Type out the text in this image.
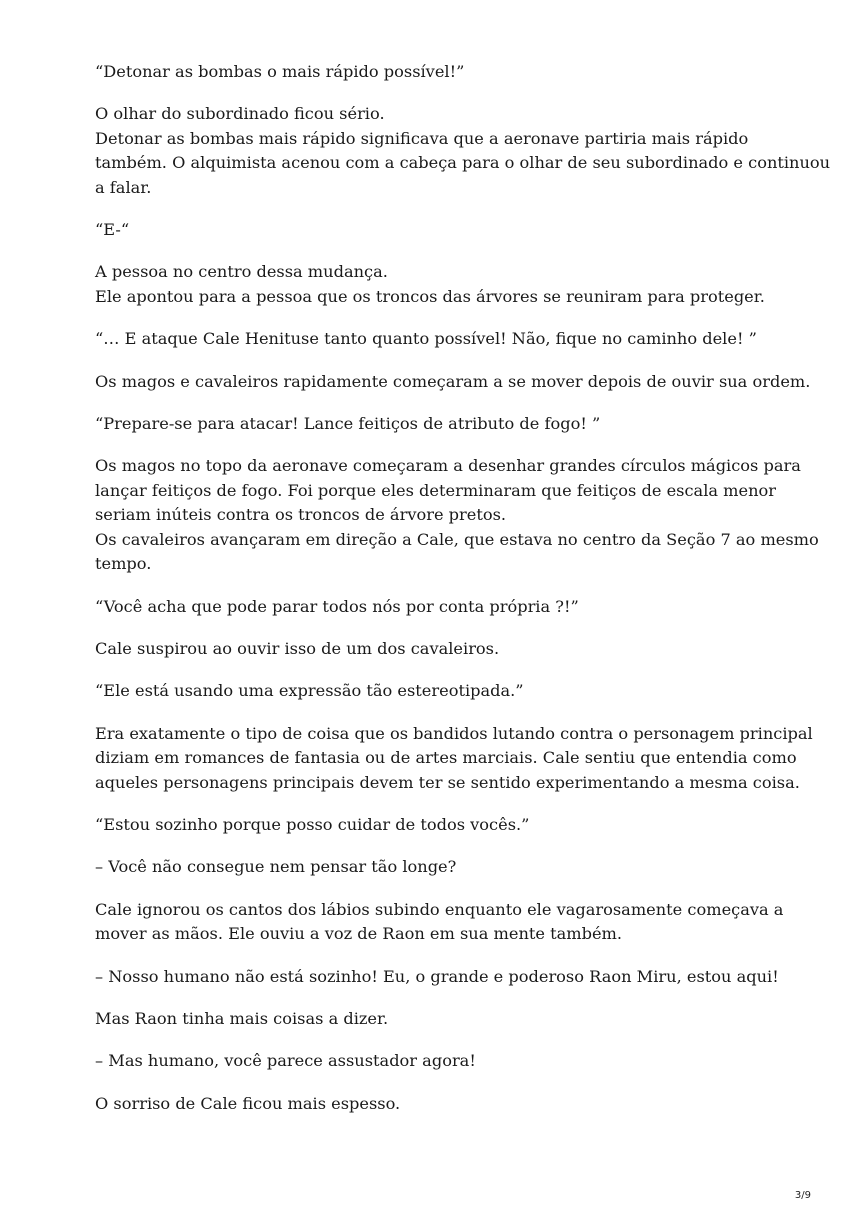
“Detonar as bombas o mais rápido possível!”

O olhar do subordinado ficou sério.
Detonar as bombas mais rápido significava que a aeronave partiria mais rápido
também. O alquimista acenou com a cabeça para o olhar de seu subordinado e continuou
a falar.

“E-“

A pessoa no centro dessa mudança.
Ele apontou para a pessoa que os troncos das árvores se reuniram para proteger.

“… E ataque Cale Henituse tanto quanto possível! Não, fique no caminho dele! ”

Os magos e cavaleiros rapidamente começaram a se mover depois de ouvir sua ordem.

“Prepare-se para atacar! Lance feitiços de atributo de fogo! ”

Os magos no topo da aeronave começaram a desenhar grandes círculos mágicos para
lançar feitiços de fogo. Foi porque eles determinaram que feitiços de escala menor
seriam inúteis contra os troncos de árvore pretos.
Os cavaleiros avançaram em direção a Cale, que estava no centro da Seção 7 ao mesmo
tempo.

“Você acha que pode parar todos nós por conta própria ?!”

Cale suspirou ao ouvir isso de um dos cavaleiros.

“Ele está usando uma expressão tão estereotipada.”

Era exatamente o tipo de coisa que os bandidos lutando contra o personagem principal
diziam em romances de fantasia ou de artes marciais. Cale sentiu que entendia como
aqueles personagens principais devem ter se sentido experimentando a mesma coisa.

“Estou sozinho porque posso cuidar de todos vocês.”

– Você não consegue nem pensar tão longe?

Cale ignorou os cantos dos lábios subindo enquanto ele vagarosamente começava a
mover as mãos. Ele ouviu a voz de Raon em sua mente também.

– Nosso humano não está sozinho! Eu, o grande e poderoso Raon Miru, estou aqui!

Mas Raon tinha mais coisas a dizer.

– Mas humano, você parece assustador agora!

O sorriso de Cale ficou mais espesso.

3/9
